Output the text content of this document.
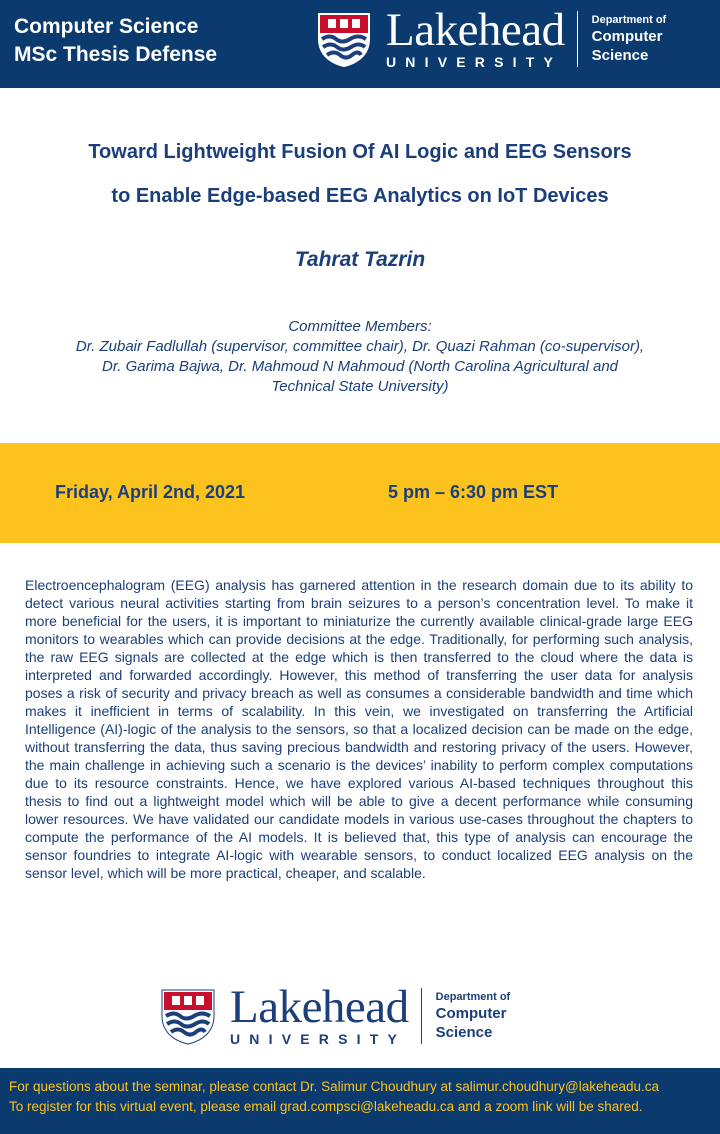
Computer Science
MSc Thesis Defense	Lakehead
UNIVERSITY
Department of
Computer
Science
Toward Lightweight Fusion Of AI Logic and EEG Sensors
to Enable Edge-based EEG Analytics on IoT Devices
Tahrat Tazrin
Committee Members:
Dr. Zubair Fadlullah (supervisor, committee chair), Dr. Quazi Rahman (co-supervisor),
Dr. Garima Bajwa, Dr. Mahmoud N Mahmoud (North Carolina Agricultural and
Technical State University)
Friday, April 2nd, 2021	5 pm – 6:30 pm EST
Electroencephalogram (EEG) analysis has garnered attention in the research domain due to its ability to detect various neural activities starting from brain seizures to a person’s concentration level. To make it more beneficial for the users, it is important to miniaturize the currently available clinical-grade large EEG monitors to wearables which can provide decisions at the edge. Traditionally, for performing such analysis, the raw EEG signals are collected at the edge which is then transferred to the cloud where the data is interpreted and forwarded accordingly. However, this method of transferring the user data for analysis poses a risk of security and privacy breach as well as consumes a considerable bandwidth and time which makes it inefficient in terms of scalability. In this vein, we investigated on transferring the Artificial Intelligence (AI)-logic of the analysis to the sensors, so that a localized decision can be made on the edge, without transferring the data, thus saving precious bandwidth and restoring privacy of the users. However, the main challenge in achieving such a scenario is the devices’ inability to perform complex computations due to its resource constraints. Hence, we have explored various AI-based techniques throughout this thesis to find out a lightweight model which will be able to give a decent performance while consuming lower resources. We have validated our candidate models in various use-cases throughout the chapters to compute the performance of the AI models. It is believed that, this type of analysis can encourage the sensor foundries to integrate AI-logic with wearable sensors, to conduct localized EEG analysis on the sensor level, which will be more practical, cheaper, and scalable.
Lakehead
UNIVERSITY
Department of
Computer
Science
For questions about the seminar, please contact Dr. Salimur Choudhury at salimur.choudhury@lakeheadu.ca
To register for this virtual event, please email grad.compsci@lakeheadu.ca and a zoom link will be shared.
